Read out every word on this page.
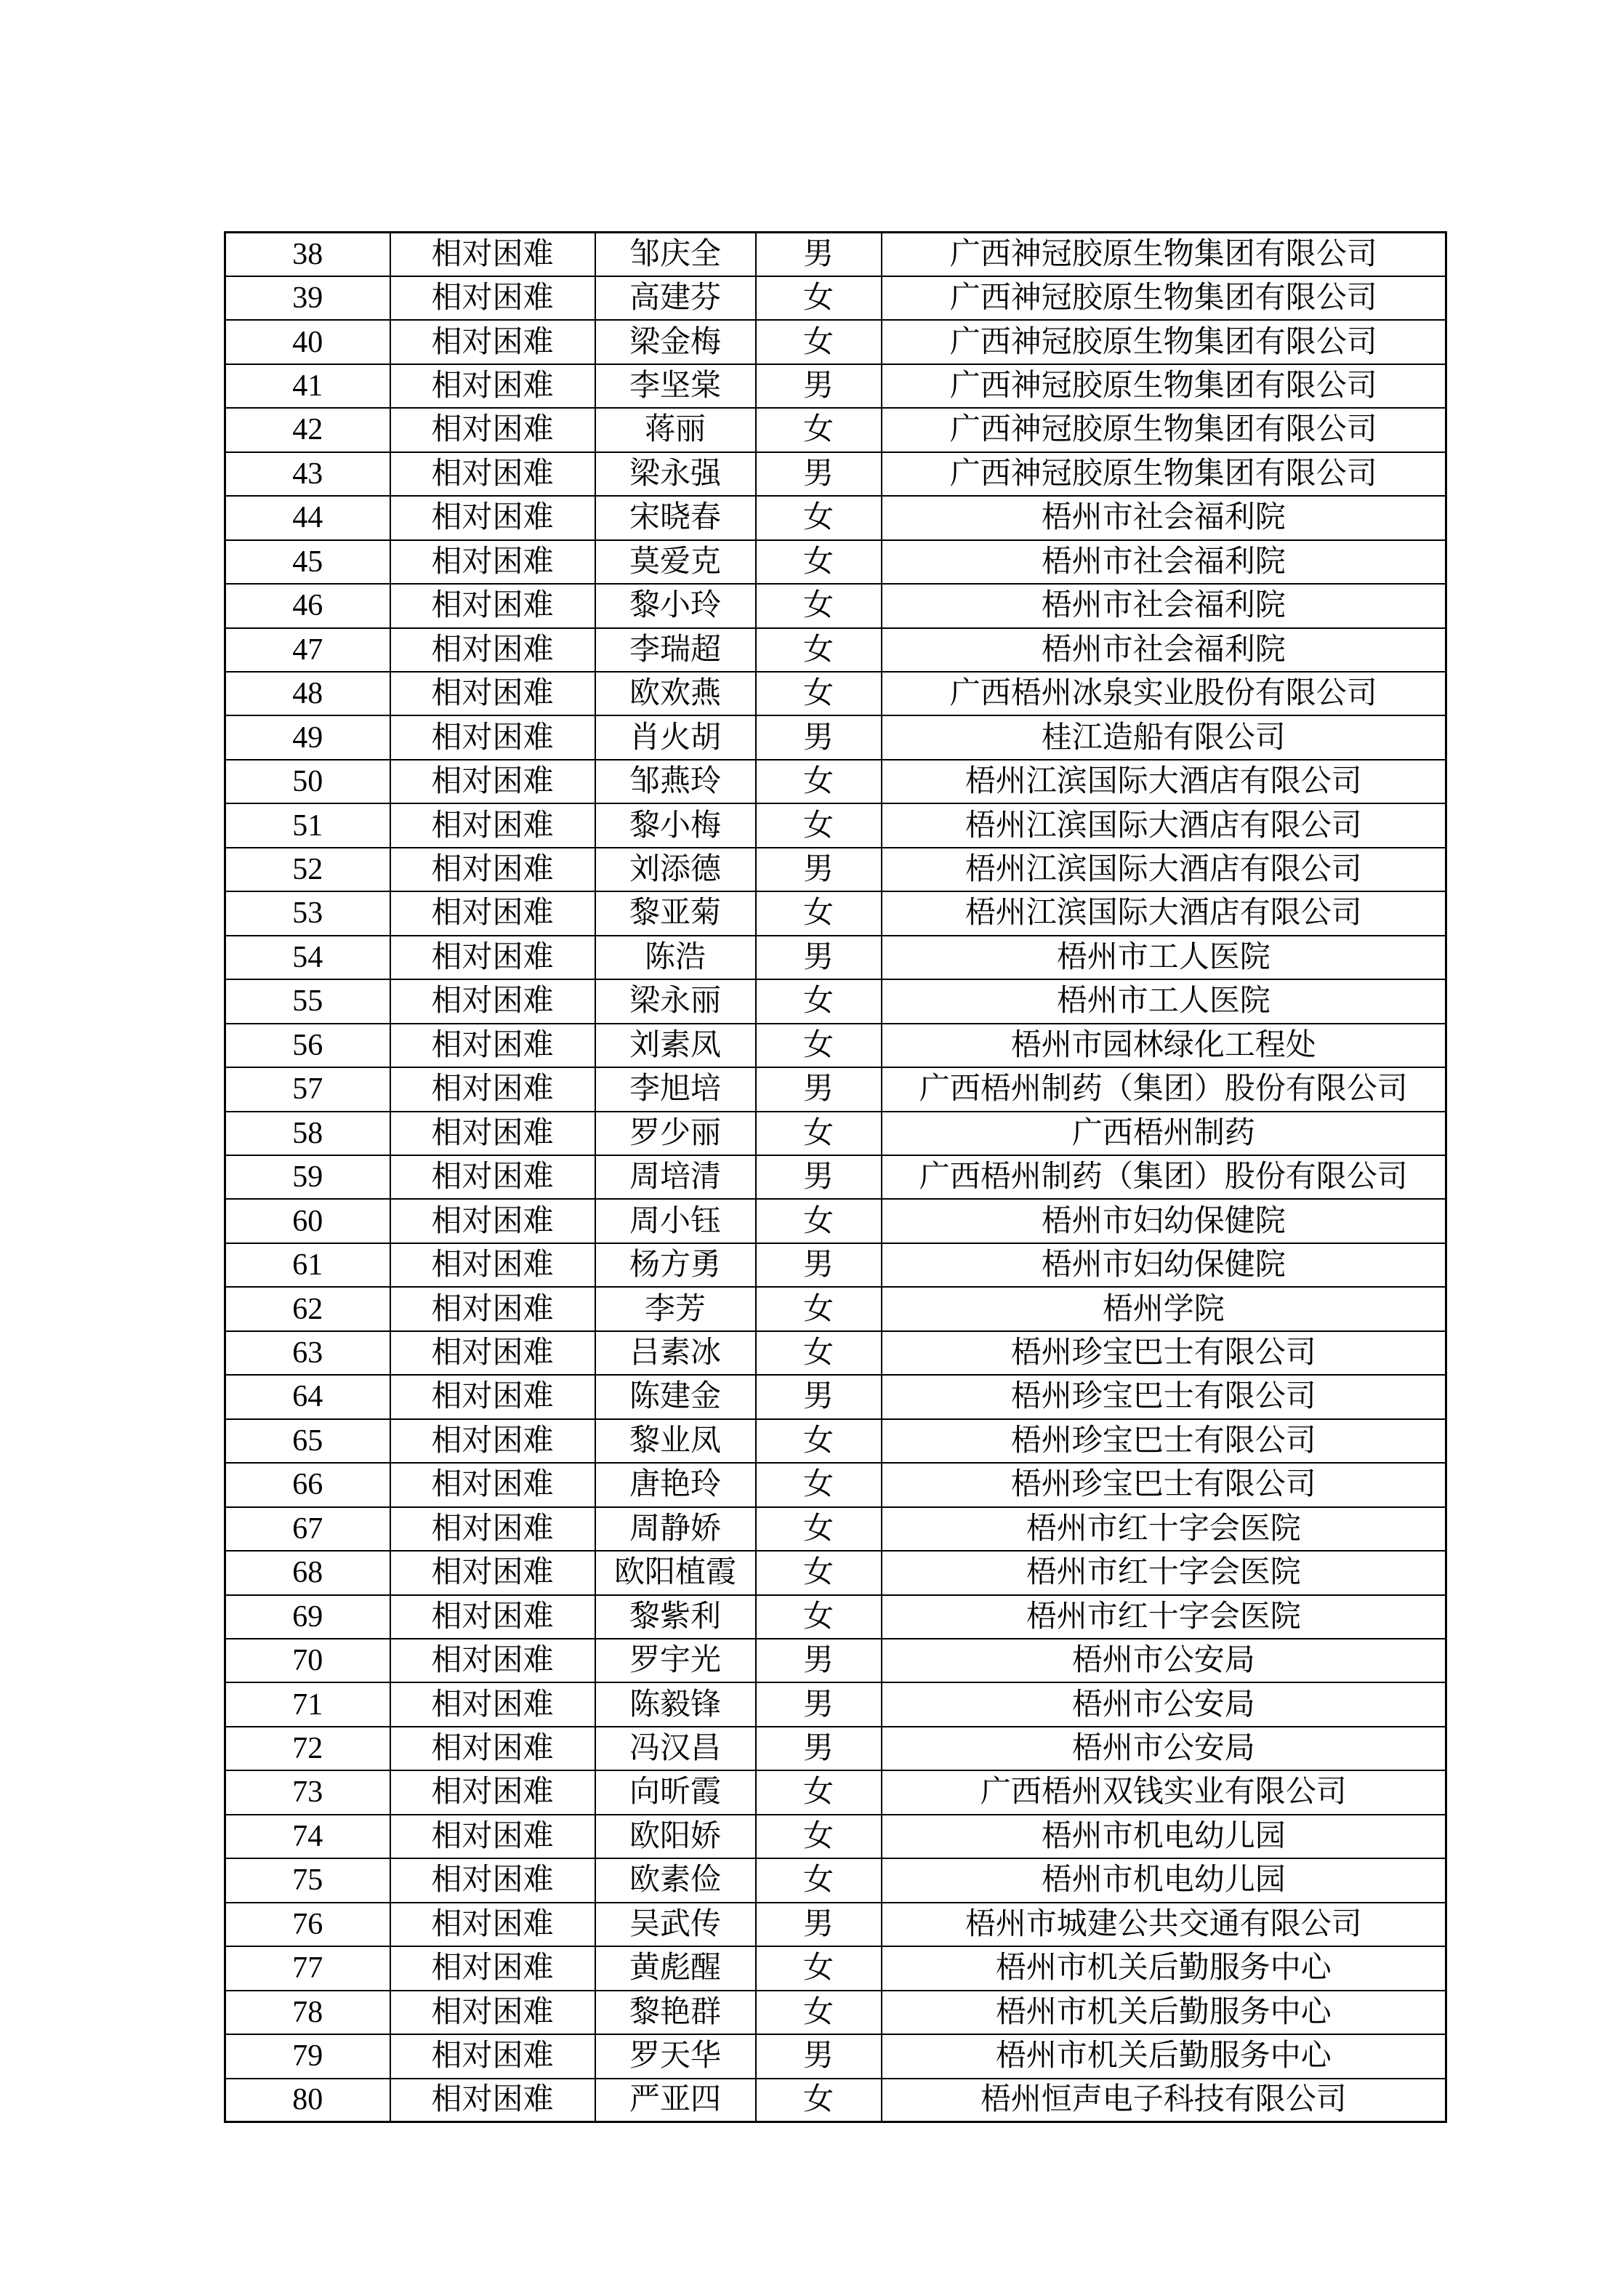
38	相对困难	邹庆全	男	广西神冠胶原生物集团有限公司
39	相对困难	高建芬	女	广西神冠胶原生物集团有限公司
40	相对困难	梁金梅	女	广西神冠胶原生物集团有限公司
41	相对困难	李坚棠	男	广西神冠胶原生物集团有限公司
42	相对困难	蒋丽	女	广西神冠胶原生物集团有限公司
43	相对困难	梁永强	男	广西神冠胶原生物集团有限公司
44	相对困难	宋晓春	女	梧州市社会福利院
45	相对困难	莫爱克	女	梧州市社会福利院
46	相对困难	黎小玲	女	梧州市社会福利院
47	相对困难	李瑞超	女	梧州市社会福利院
48	相对困难	欧欢燕	女	广西梧州冰泉实业股份有限公司
49	相对困难	肖火胡	男	桂江造船有限公司
50	相对困难	邹燕玲	女	梧州江滨国际大酒店有限公司
51	相对困难	黎小梅	女	梧州江滨国际大酒店有限公司
52	相对困难	刘添德	男	梧州江滨国际大酒店有限公司
53	相对困难	黎亚菊	女	梧州江滨国际大酒店有限公司
54	相对困难	陈浩	男	梧州市工人医院
55	相对困难	梁永丽	女	梧州市工人医院
56	相对困难	刘素凤	女	梧州市园林绿化工程处
57	相对困难	李旭培	男	广西梧州制药（集团）股份有限公司
58	相对困难	罗少丽	女	广西梧州制药
59	相对困难	周培清	男	广西梧州制药（集团）股份有限公司
60	相对困难	周小钰	女	梧州市妇幼保健院
61	相对困难	杨方勇	男	梧州市妇幼保健院
62	相对困难	李芳	女	梧州学院
63	相对困难	吕素冰	女	梧州珍宝巴士有限公司
64	相对困难	陈建金	男	梧州珍宝巴士有限公司
65	相对困难	黎业凤	女	梧州珍宝巴士有限公司
66	相对困难	唐艳玲	女	梧州珍宝巴士有限公司
67	相对困难	周静娇	女	梧州市红十字会医院
68	相对困难	欧阳植霞	女	梧州市红十字会医院
69	相对困难	黎紫利	女	梧州市红十字会医院
70	相对困难	罗宇光	男	梧州市公安局
71	相对困难	陈毅锋	男	梧州市公安局
72	相对困难	冯汉昌	男	梧州市公安局
73	相对困难	向昕霞	女	广西梧州双钱实业有限公司
74	相对困难	欧阳娇	女	梧州市机电幼儿园
75	相对困难	欧素俭	女	梧州市机电幼儿园
76	相对困难	吴武传	男	梧州市城建公共交通有限公司
77	相对困难	黄彪醒	女	梧州市机关后勤服务中心
78	相对困难	黎艳群	女	梧州市机关后勤服务中心
79	相对困难	罗天华	男	梧州市机关后勤服务中心
80	相对困难	严亚四	女	梧州恒声电子科技有限公司
